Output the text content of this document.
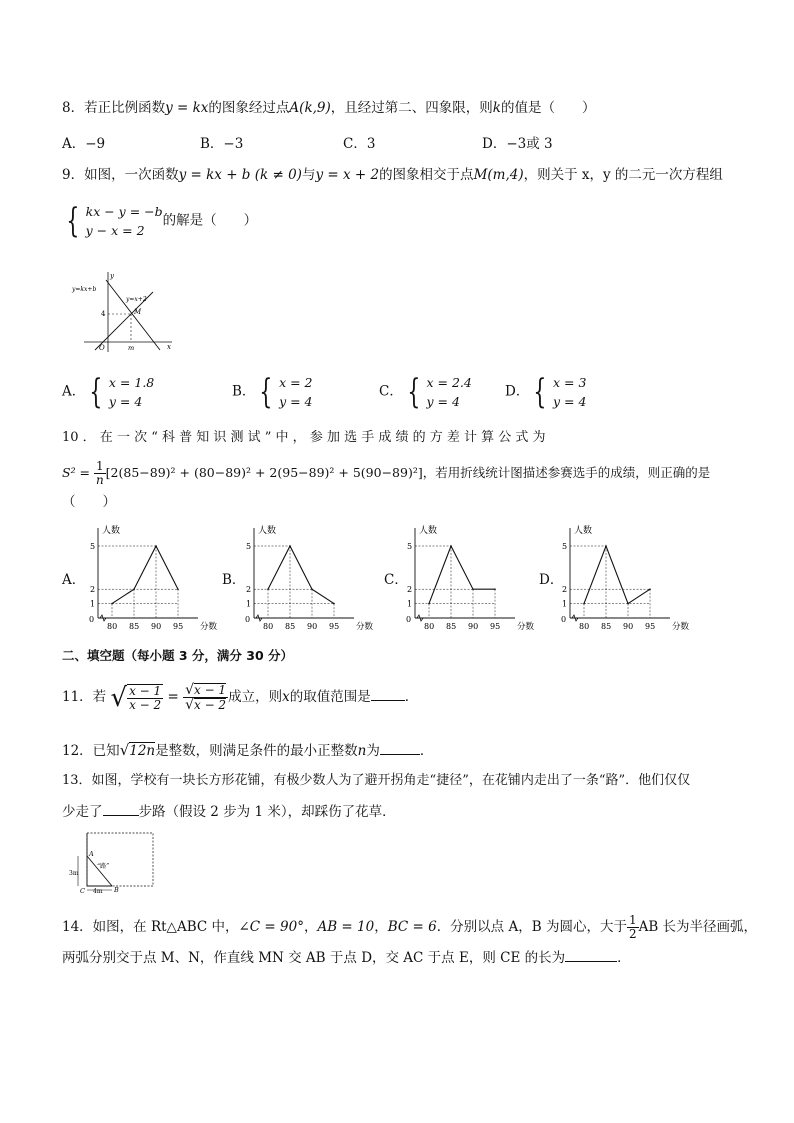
8．若正比例函数y = kx的图象经过点A(k,9)，且经过第二、四象限，则k的值是（　　）
A．−9	B．−3	C．3	D．−3或 3
9．如图，一次函数y = kx + b (k ≠ 0)与y = x + 2的图象相交于点M(m,4)，则关于 x，y 的二元一次方程组
{ kx − y = −b
y − x = 2
的解是（　　）
y
x
O
y=kx+b
y=x+2
M
4
m
A． { x = 1.8
y = 4
B． { x = 2
y = 4
C． { x = 2.4
y = 4
D． { x = 3
y = 4
10 ． 在 一 次 “ 科 普 知 识 测 试 ” 中 ， 参 加 选 手 成 绩 的 方 差 计 算 公 式 为
$S^2 = \frac{1}{n} [2(85-89)^2 + (80-89)^2 + 2(95-89)^2 + 5(90-89)^2]$，若用折线统计图描述参赛选手的成绩，则正确的是
（　　）
A．	B．	C．	D．
人数
分数
0
1
2
5
80 85 90 95
人数
分数
0
1
2
5
80 85 90 95
人数
分数
0
1
2
5
80 85 90 95
人数
分数
0
1
2
5
80 85 90 95
二、填空题（每小题 3 分，满分 30 分）
11．若 √ $\frac{x - 1}{x - 2} = \frac{√ x - 1}{√ x - 2}$ 成立，则x的取值范围是	．
12．已知√12n是整数，则满足条件的最小正整数n为	．
13．如图，学校有一块长方形花铺，有极少数人为了避开拐角走“捷径”，在花铺内走出了一条“路”．他们仅仅
少走了	步路（假设 2 步为 1 米），却踩伤了花草．
A
B
C
“路”
3m
4m
14．如图，在 Rt△ABC 中，∠C = 90°，AB = 10，BC = 6．分别以点 A，B 为圆心，大于 $\frac{1}{2}$ AB 长为半径画弧，
两弧分别交于点 M、N，作直线 MN 交 AB 于点 D，交 AC 于点 E，则 CE 的长为	．
